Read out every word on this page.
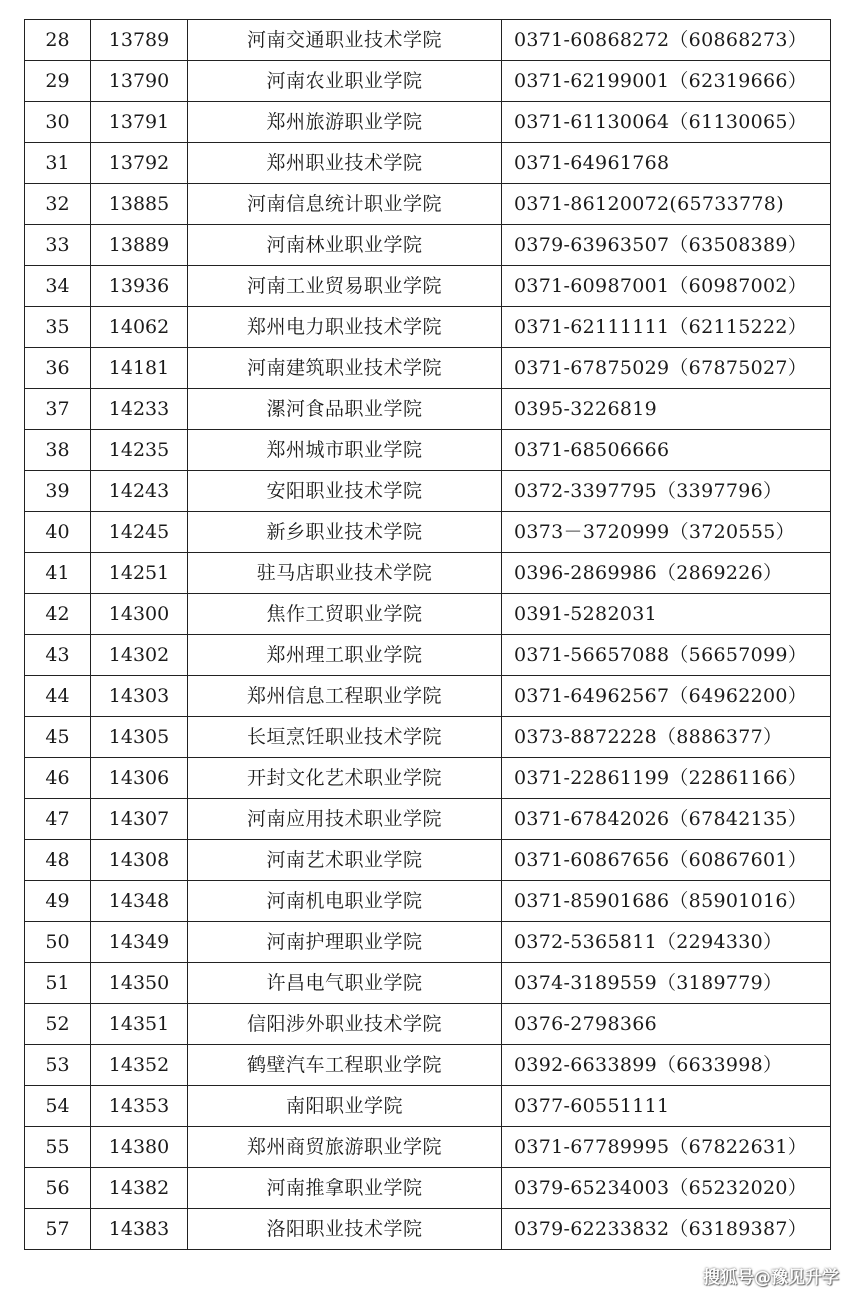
28	13789	河南交通职业技术学院	0371-60868272（60868273）
29	13790	河南农业职业学院	0371-62199001（62319666）
30	13791	郑州旅游职业学院	0371-61130064（61130065）
31	13792	郑州职业技术学院	0371-64961768
32	13885	河南信息统计职业学院	0371-86120072(65733778)
33	13889	河南林业职业学院	0379-63963507（63508389）
34	13936	河南工业贸易职业学院	0371-60987001（60987002）
35	14062	郑州电力职业技术学院	0371-62111111（62115222）
36	14181	河南建筑职业技术学院	0371-67875029（67875027）
37	14233	漯河食品职业学院	0395-3226819
38	14235	郑州城市职业学院	0371-68506666
39	14243	安阳职业技术学院	0372-3397795（3397796）
40	14245	新乡职业技术学院	0373－3720999（3720555）
41	14251	驻马店职业技术学院	0396-2869986（2869226）
42	14300	焦作工贸职业学院	0391-5282031
43	14302	郑州理工职业学院	0371-56657088（56657099）
44	14303	郑州信息工程职业学院	0371-64962567（64962200）
45	14305	长垣烹饪职业技术学院	0373-8872228（8886377）
46	14306	开封文化艺术职业学院	0371-22861199（22861166）
47	14307	河南应用技术职业学院	0371-67842026（67842135）
48	14308	河南艺术职业学院	0371-60867656（60867601）
49	14348	河南机电职业学院	0371-85901686（85901016）
50	14349	河南护理职业学院	0372-5365811（2294330）
51	14350	许昌电气职业学院	0374-3189559（3189779）
52	14351	信阳涉外职业技术学院	0376-2798366
53	14352	鹤壁汽车工程职业学院	0392-6633899（6633998）
54	14353	南阳职业学院	0377-60551111
55	14380	郑州商贸旅游职业学院	0371-67789995（67822631）
56	14382	河南推拿职业学院	0379-65234003（65232020）
57	14383	洛阳职业技术学院	0379-62233832（63189387）
搜狐号@豫见升学
